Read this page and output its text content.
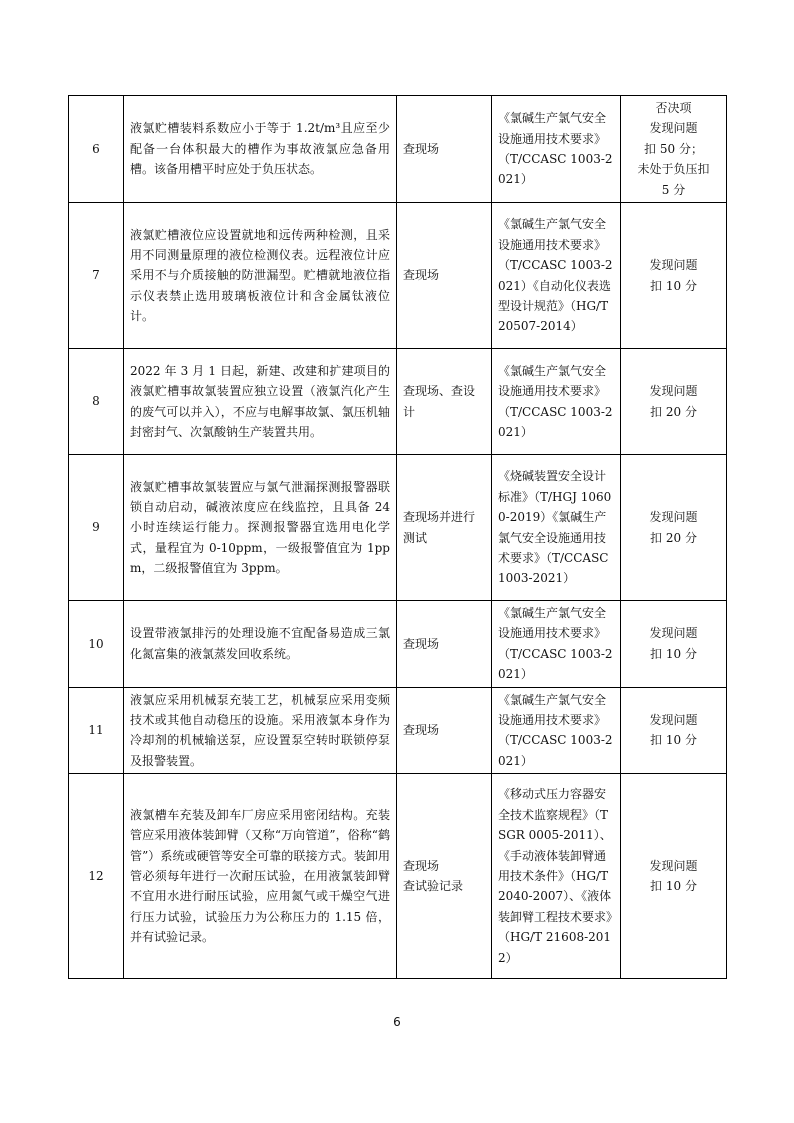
6	液氯贮槽装料系数应小于等于 1.2t/m³且应至少配备一台体积最大的槽作为事故液氯应急备用槽。该备用槽平时应处于负压状态。	查现场	《氯碱生产氯气安全设施通用技术要求》（T/CCASC 1003-2021）	否决项
发现问题
扣 50 分；
未处于负压扣
5 分

7	液氯贮槽液位应设置就地和远传两种检测，且采用不同测量原理的液位检测仪表。远程液位计应采用不与介质接触的防泄漏型。贮槽就地液位指示仪表禁止选用玻璃板液位计和含金属钛液位计。	查现场	《氯碱生产氯气安全设施通用技术要求》（T/CCASC 1003-2021）《自动化仪表选型设计规范》（HG/T 20507-2014）	发现问题
扣 10 分

8	2022 年 3 月 1 日起，新建、改建和扩建项目的液氯贮槽事故氯装置应独立设置（液氯汽化产生的废气可以并入），不应与电解事故氯、氯压机轴封密封气、次氯酸钠生产装置共用。	查现场、查设计	《氯碱生产氯气安全设施通用技术要求》（T/CCASC 1003-2021）	发现问题
扣 20 分

9	液氯贮槽事故氯装置应与氯气泄漏探测报警器联锁自动启动，碱液浓度应在线监控，且具备 24 小时连续运行能力。探测报警器宜选用电化学式，量程宜为 0-10ppm，一级报警值宜为 1ppm，二级报警值宜为 3ppm。	查现场并进行测试	《烧碱装置安全设计标准》（T/HGJ 10600-2019）《氯碱生产氯气安全设施通用技术要求》（T/CCASC 1003-2021）	发现问题
扣 20 分

10	设置带液氯排污的处理设施不宜配备易造成三氯化氮富集的液氯蒸发回收系统。	查现场	《氯碱生产氯气安全设施通用技术要求》（T/CCASC 1003-2021）	发现问题
扣 10 分

11	液氯应采用机械泵充装工艺，机械泵应采用变频技术或其他自动稳压的设施。采用液氯本身作为冷却剂的机械输送泵，应设置泵空转时联锁停泵及报警装置。	查现场	《氯碱生产氯气安全设施通用技术要求》（T/CCASC 1003-2021）	发现问题
扣 10 分

12	液氯槽车充装及卸车厂房应采用密闭结构。充装管应采用液体装卸臂（又称“万向管道”，俗称“鹤管”）系统或硬管等安全可靠的联接方式。装卸用管必须每年进行一次耐压试验，在用液氯装卸臂不宜用水进行耐压试验，应用氮气或干燥空气进行压力试验，试验压力为公称压力的 1.15 倍，并有试验记录。	查现场
查试验记录	《移动式压力容器安全技术监察规程》（TSGR 0005-2011）、《手动液体装卸臂通用技术条件》（HG/T 2040-2007）、《液体装卸臂工程技术要求》（HG/T 21608-2012）	发现问题
扣 10 分
6
